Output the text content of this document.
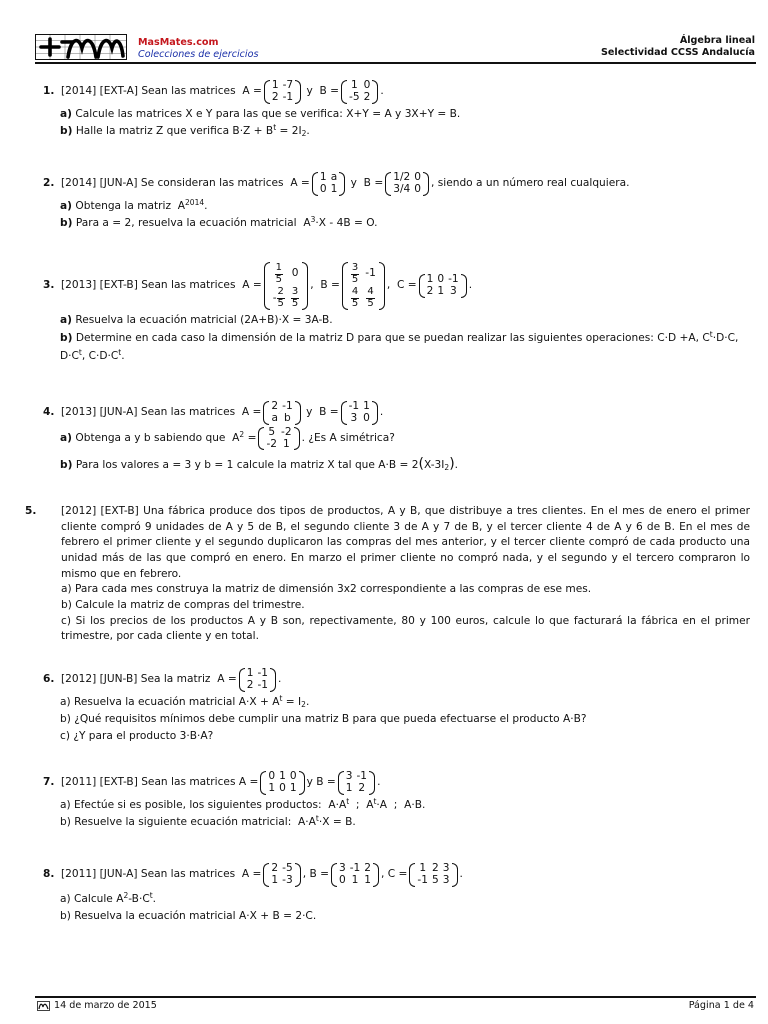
MasMates.com
Colecciones de ejercicios
Álgebra lineal
Selectividad CCSS Andalucía
1. [2014] [EXT-A] Sean las matrices A =
1	-7
2	-1 y  B =
1	0
-5	2 .
a) Calcule las matrices X e Y para las que se verifica: X+Y = A y 3X+Y = B.
b) Halle la matriz Z que verifica $B\cdot Z + B^t = 2I_2$.
2. [2014] [JUN-A] Se consideran las matrices A =
1	a
0	1 y  B =
1/2	0
3/4	0 , siendo a un número real cualquiera.
a) Obtenga la matriz  $A^{2014}$.
b) Para a = 2, resuelva la ecuación matricial  $A^3\cdot X - 4B = O$.
3. [2013] [EXT-B] Sean las matrices A =
$\frac{1}{5}$	0
- $\frac{2}{5}$	$\frac{3}{5}$
,  B =
$\frac{3}{5}$	-1

$\frac{4}{5}$	$\frac{4}{5}$
,  C =
1	0	-1
2	1	3 .
a) Resuelva la ecuación matricial (2A+B)·X = 3A-B.
b) Determine en cada caso la dimensión de la matriz D para que se puedan realizar las siguientes operaciones: C·D +A, $C^t\cdot D\cdot C$,
$D\cdot C^t$, $C\cdot D\cdot C^t$.
4. [2013] [JUN-A] Sean las matrices A =
2	-1
a	b y  B =
-1	1
3	0 .
a)
Obtenga a y b sabiendo que $A^2$ =
5	-2
-2	1 . ¿Es A simétrica?
b) Para los valores a = 3 y b = 1 calcule la matriz X tal que $A\cdot B = 2(X-3I_2)$.
5. [2012] [EXT-B] Una fábrica produce dos tipos de productos, A y B, que distribuye a tres clientes. En el mes de enero el primer cliente compró 9 unidades de A y 5 de B, el segundo cliente 3 de A y 7 de B, y el tercer cliente 4 de A y 6 de B. En el mes de febrero el primer cliente y el segundo duplicaron las compras del mes anterior, y el tercer cliente compró de cada producto una unidad más de las que compró en enero. En marzo el primer cliente no compró nada, y el segundo y el tercero compraron lo mismo que en febrero.
a) Para cada mes construya la matriz de dimensión 3x2 correspondiente a las compras de ese mes.
b) Calcule la matriz de compras del trimestre.
c) Si los precios de los productos A y B son, repectivamente, 80 y 100 euros, calcule lo que facturará la fábrica en el primer trimestre, por cada cliente y en total.
6. [2012] [JUN-B] Sea la matriz A =
1	-1
2	-1 .
a) Resuelva la ecuación matricial $A\cdot X + A^t = I_2$.
b) ¿Qué requisitos mínimos debe cumplir una matriz B para que pueda efectuarse el producto A·B?
c) ¿Y para el producto 3·B·A?
7. [2011] [EXT-B] Sean las matrices A =
0	1	0
1	0	1 y B =
3	-1
1	2 .
a) Efectúe si es posible, los siguientes productos:  $A\cdot A^t$  ;  $A^t\cdot A$  ;  A·B.
b) Resuelve la siguiente ecuación matricial:  $A\cdot A^t\cdot X = B$.
8. [2011] [JUN-A] Sean las matrices A =
2	-5
1	-3 , B =
3	-1	2
0	1	1 , C =
1	2	3
-1	5	3 .
a) Calcule $A^2-B\cdot C^t$.
b) Resuelva la ecuación matricial A·X + B = 2·C.
14 de marzo de 2015	Página 1 de 4
